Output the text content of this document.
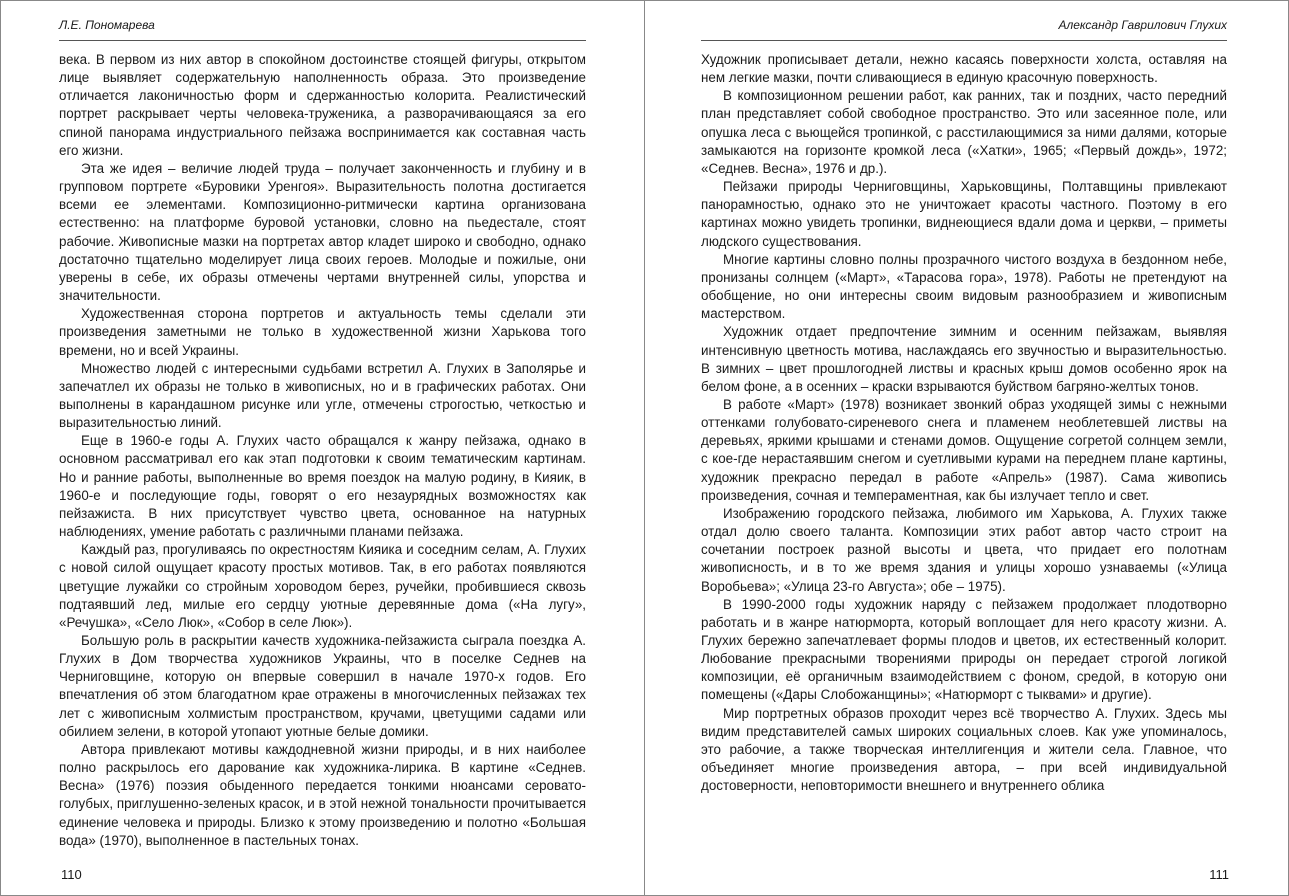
Л.Е. Пономарева

века. В первом из них автор в спокойном достоинстве стоящей фигуры, открытом лице выявляет содержательную наполненность образа. Это произведение отличается лаконичностью форм и сдержанностью колорита. Реалистический портрет раскрывает черты человека-труженика, а разворачивающаяся за его спиной панорама индустриального пейзажа воспринимается как составная часть его жизни.

Эта же идея – величие людей труда – получает законченность и глубину и в групповом портрете «Буровики Уренгоя». Выразительность полотна достигается всеми ее элементами. Композиционно-ритмически картина организована естественно: на платформе буровой установки, словно на пьедестале, стоят рабочие. Живописные мазки на портретах автор кладет широко и свободно, однако достаточно тщательно моделирует лица своих героев. Молодые и пожилые, они уверены в себе, их образы отмечены чертами внутренней силы, упорства и значительности.

Художественная сторона портретов и актуальность темы сделали эти произведения заметными не только в художественной жизни Харькова того времени, но и всей Украины.

Множество людей с интересными судьбами встретил А. Глухих в Заполярье и запечатлел их образы не только в живописных, но и в графических работах. Они выполнены в карандашном рисунке или угле, отмечены строгостью, четкостью и выразительностью линий.

Еще в 1960-е годы А. Глухих часто обращался к жанру пейзажа, однако в основном рассматривал его как этап подготовки к своим тематическим картинам. Но и ранние работы, выполненные во время поездок на малую родину, в Кияик, в 1960-е и последующие годы, говорят о его незаурядных возможностях как пейзажиста. В них присутствует чувство цвета, основанное на натурных наблюдениях, умение работать с различными планами пейзажа.

Каждый раз, прогуливаясь по окрестностям Кияика и соседним селам, А. Глухих с новой силой ощущает красоту простых мотивов. Так, в его работах появляются цветущие лужайки со стройным хороводом берез, ручейки, пробившиеся сквозь подтаявший лед, милые его сердцу уютные деревянные дома («На лугу», «Речушка», «Село Люк», «Собор в селе Люк»).

Большую роль в раскрытии качеств художника-пейзажиста сыграла поездка А. Глухих в Дом творчества художников Украины, что в поселке Седнев на Черниговщине, которую он впервые совершил в начале 1970-х годов. Его впечатления об этом благодатном крае отражены в многочисленных пейзажах тех лет с живописным холмистым пространством, кручами, цветущими садами или обилием зелени, в которой утопают уютные белые домики.

Автора привлекают мотивы каждодневной жизни природы, и в них наиболее полно раскрылось его дарование как художника-лирика. В картине «Седнев. Весна» (1976) поэзия обыденного передается тонкими нюансами серовато-голубых, приглушенно-зеленых красок, и в этой нежной тональности прочитывается единение человека и природы. Близко к этому произведению и полотно «Большая вода» (1970), выполненное в пастельных тонах.

110
Александр Гаврилович Глухих

Художник прописывает детали, нежно касаясь поверхности холста, оставляя на нем легкие мазки, почти сливающиеся в единую красочную поверхность.

В композиционном решении работ, как ранних, так и поздних, часто передний план представляет собой свободное пространство. Это или засеянное поле, или опушка леса с вьющейся тропинкой, с расстилающимися за ними далями, которые замыкаются на горизонте кромкой леса («Хатки», 1965; «Первый дождь», 1972; «Седнев. Весна», 1976 и др.).

Пейзажи природы Черниговщины, Харьковщины, Полтавщины привлекают панорамностью, однако это не уничтожает красоты частного. Поэтому в его картинах можно увидеть тропинки, виднеющиеся вдали дома и церкви, – приметы людского существования.

Многие картины словно полны прозрачного чистого воздуха в бездонном небе, пронизаны солнцем («Март», «Тарасова гора», 1978). Работы не претендуют на обобщение, но они интересны своим видовым разнообразием и живописным мастерством.

Художник отдает предпочтение зимним и осенним пейзажам, выявляя интенсивную цветность мотива, наслаждаясь его звучностью и выразительностью. В зимних – цвет прошлогодней листвы и красных крыш домов особенно ярок на белом фоне, а в осенних – краски взрываются буйством багряно-желтых тонов.

В работе «Март» (1978) возникает звонкий образ уходящей зимы с нежными оттенками голубовато-сиреневого снега и пламенем необлетевшей листвы на деревьях, яркими крышами и стенами домов. Ощущение согретой солнцем земли, с кое-где нерастаявшим снегом и суетливыми курами на переднем плане картины, художник прекрасно передал в работе «Апрель» (1987). Сама живопись произведения, сочная и темпераментная, как бы излучает тепло и свет.

Изображению городского пейзажа, любимого им Харькова, А. Глухих также отдал долю своего таланта. Композиции этих работ автор часто строит на сочетании построек разной высоты и цвета, что придает его полотнам живописность, и в то же время здания и улицы хорошо узнаваемы («Улица Воробьева»; «Улица 23-го Августа»; обе – 1975).

В 1990-2000 годы художник наряду с пейзажем продолжает плодотворно работать и в жанре натюрморта, который воплощает для него красоту жизни. А. Глухих бережно запечатлевает формы плодов и цветов, их естественный колорит. Любование прекрасными творениями природы он передает строгой логикой композиции, её органичным взаимодействием с фоном, средой, в которую они помещены («Дары Слобожанщины»; «Натюрморт с тыквами» и другие).

Мир портретных образов проходит через всё творчество А. Глухих. Здесь мы видим представителей самых широких социальных слоев. Как уже упоминалось, это рабочие, а также творческая интеллигенция и жители села. Главное, что объединяет многие произведения автора, – при всей индивидуальной достоверности, неповторимости внешнего и внутреннего облика

111
